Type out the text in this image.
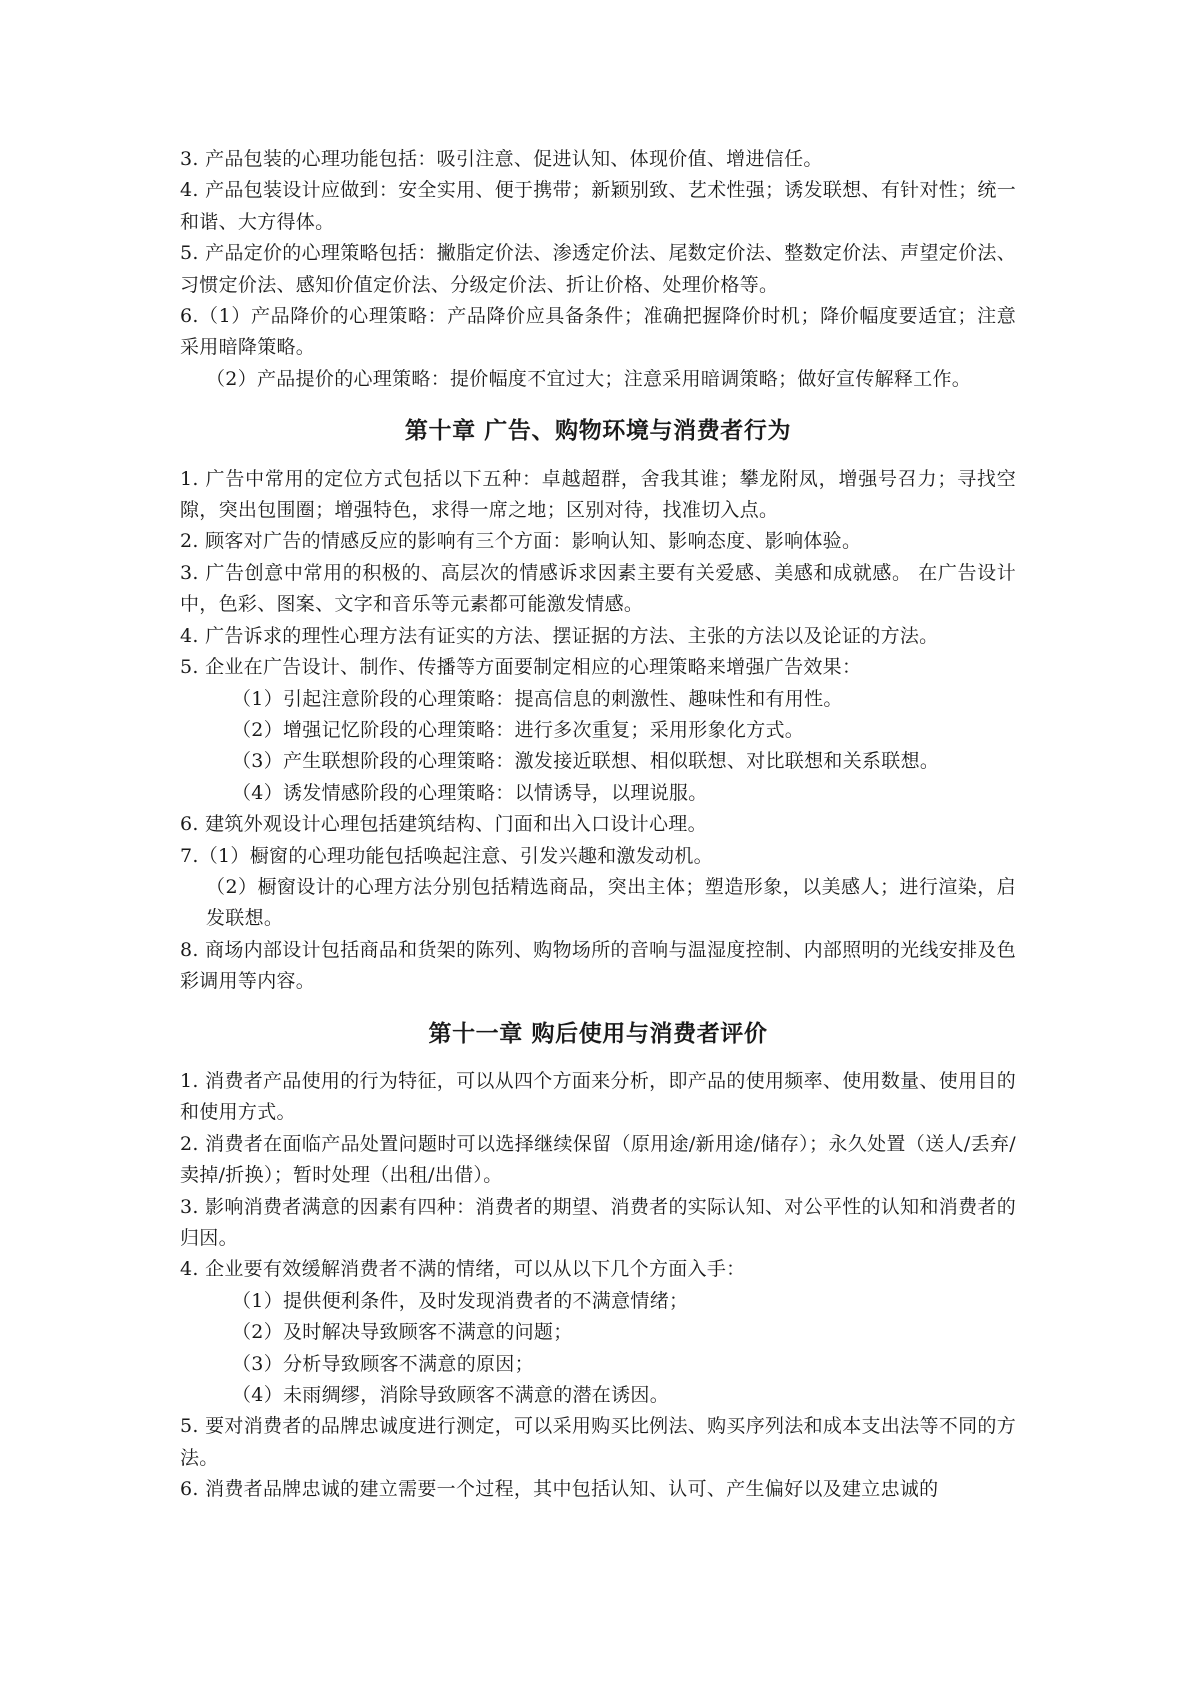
3. 产品包装的心理功能包括：吸引注意、促进认知、体现价值、增进信任。

4. 产品包装设计应做到：安全实用、便于携带；新颖别致、艺术性强；诱发联想、有针对性；统一和谐、大方得体。

5. 产品定价的心理策略包括：撇脂定价法、渗透定价法、尾数定价法、整数定价法、声望定价法、习惯定价法、感知价值定价法、分级定价法、折让价格、处理价格等。

6.（1）产品降价的心理策略：产品降价应具备条件；准确把握降价时机；降价幅度要适宜；注意采用暗降策略。

（2）产品提价的心理策略：提价幅度不宜过大；注意采用暗调策略；做好宣传解释工作。

第十章 广告、购物环境与消费者行为

1. 广告中常用的定位方式包括以下五种：卓越超群，舍我其谁；攀龙附凤，增强号召力；寻找空隙，突出包围圈；增强特色，求得一席之地；区别对待，找准切入点。

2. 顾客对广告的情感反应的影响有三个方面：影响认知、影响态度、影响体验。

3. 广告创意中常用的积极的、高层次的情感诉求因素主要有关爱感、美感和成就感。 在广告设计中，色彩、图案、文字和音乐等元素都可能激发情感。

4. 广告诉求的理性心理方法有证实的方法、摆证据的方法、主张的方法以及论证的方法。

5. 企业在广告设计、制作、传播等方面要制定相应的心理策略来增强广告效果：

（1）引起注意阶段的心理策略：提高信息的刺激性、趣味性和有用性。

（2）增强记忆阶段的心理策略：进行多次重复；采用形象化方式。

（3）产生联想阶段的心理策略：激发接近联想、相似联想、对比联想和关系联想。

（4）诱发情感阶段的心理策略：以情诱导，以理说服。

6. 建筑外观设计心理包括建筑结构、门面和出入口设计心理。

7.（1）橱窗的心理功能包括唤起注意、引发兴趣和激发动机。

（2）橱窗设计的心理方法分别包括精选商品，突出主体；塑造形象，以美感人；进行渲染，启发联想。

8. 商场内部设计包括商品和货架的陈列、购物场所的音响与温湿度控制、内部照明的光线安排及色彩调用等内容。

第十一章 购后使用与消费者评价

1. 消费者产品使用的行为特征，可以从四个方面来分析，即产品的使用频率、使用数量、使用目的和使用方式。

2. 消费者在面临产品处置问题时可以选择继续保留（原用途/新用途/储存）；永久处置（送人/丢弃/卖掉/折换）；暂时处理（出租/出借）。

3. 影响消费者满意的因素有四种：消费者的期望、消费者的实际认知、对公平性的认知和消费者的归因。

4. 企业要有效缓解消费者不满的情绪，可以从以下几个方面入手：

（1）提供便利条件，及时发现消费者的不满意情绪；

（2）及时解决导致顾客不满意的问题；

（3）分析导致顾客不满意的原因；

（4）未雨绸缪，消除导致顾客不满意的潜在诱因。

5. 要对消费者的品牌忠诚度进行测定，可以采用购买比例法、购买序列法和成本支出法等不同的方法。

6. 消费者品牌忠诚的建立需要一个过程，其中包括认知、认可、产生偏好以及建立忠诚的
